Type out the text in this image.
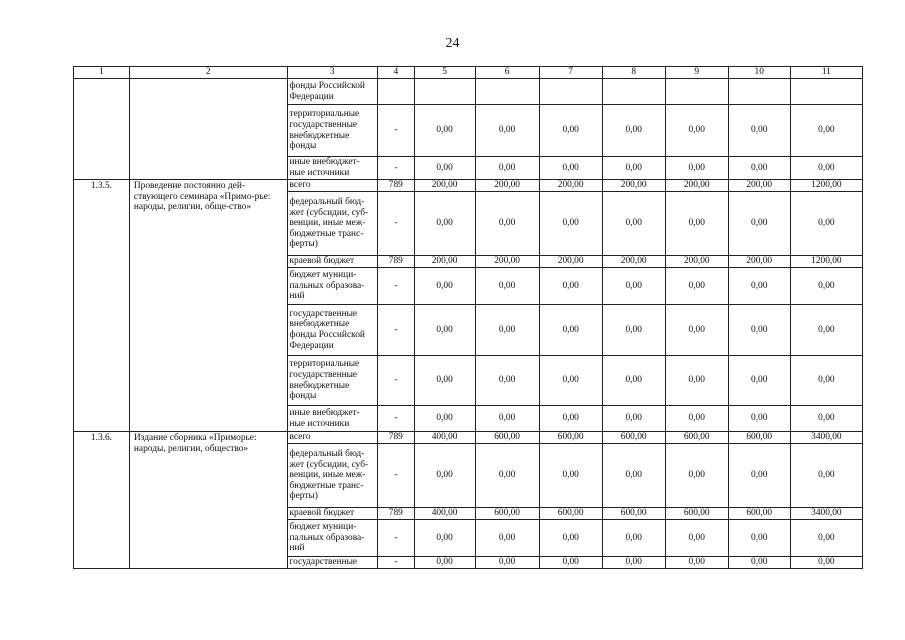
24
1	2	3	4	5	6	7	8	9	10	11
		фонды Российской
Федерации								
		территориальные
государственные
внебюджетные
фонды	-	0,00	0,00	0,00	0,00	0,00	0,00	0,00
		иные внебюджет-
ные источники	-	0,00	0,00	0,00	0,00	0,00	0,00	0,00
1.3.5.	Проведение постоянно дей-ствующего семинара «Примо-рье: народы, религии, обще-ство»	всего	789	200,00	200,00	200,00	200,00	200,00	200,00	1200,00
		федеральный бюд-
жет (субсидии, суб-
венции, иные меж-
бюджетные транс-
ферты)	-	0,00	0,00	0,00	0,00	0,00	0,00	0,00
		краевой бюджет	789	200,00	200,00	200,00	200,00	200,00	200,00	1200,00
		бюджет муници-
пальных образова-
ний	-	0,00	0,00	0,00	0,00	0,00	0,00	0,00
		государственные
внебюджетные
фонды Российской
Федерации	-	0,00	0,00	0,00	0,00	0,00	0,00	0,00
		территориальные
государственные
внебюджетные
фонды	-	0,00	0,00	0,00	0,00	0,00	0,00	0,00
		иные внебюджет-
ные источники	-	0,00	0,00	0,00	0,00	0,00	0,00	0,00
1.3.6.	Издание сборника «Приморье: народы, религии, общество»	всего	789	400,00	600,00	600,00	600,00	600,00	600,00	3400,00
		федеральный бюд-
жет (субсидии, суб-
венции, иные меж-
бюджетные транс-
ферты)	-	0,00	0,00	0,00	0,00	0,00	0,00	0,00
		краевой бюджет	789	400,00	600,00	600,00	600,00	600,00	600,00	3400,00
		бюджет муници-
пальных образова-
ний	-	0,00	0,00	0,00	0,00	0,00	0,00	0,00
		государственные	-	0,00	0,00	0,00	0,00	0,00	0,00	0,00
